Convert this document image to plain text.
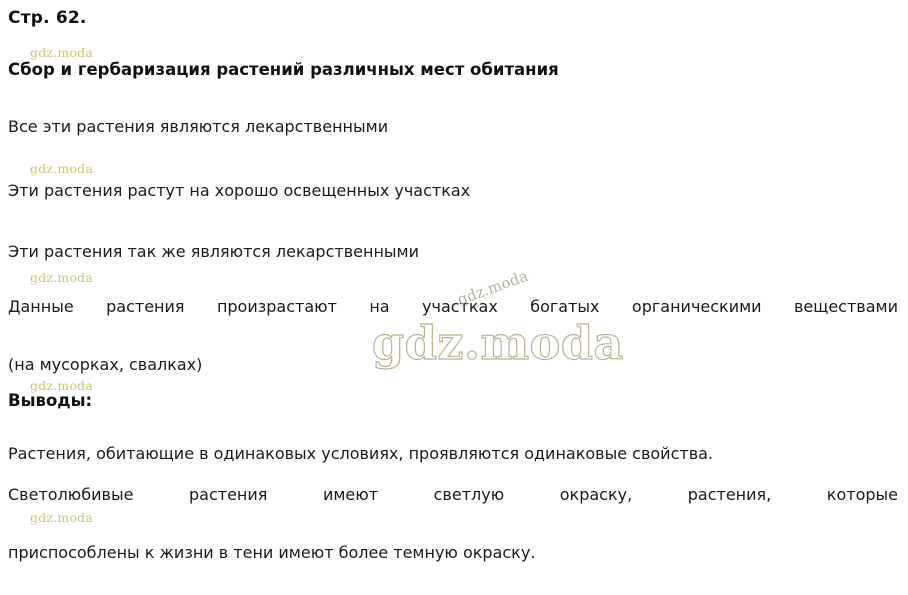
Стр. 62.
gdz.moda
Сбор и гербаризация растений различных мест обитания
Все эти растения являются лекарственными
gdz.moda
Эти растения растут на хорошо освещенных участках
Эти растения так же являются лекарственными
gdz.moda
Данные растения произрастают на участках богатых органическими веществами
(на мусорках, свалках)
gdz.moda
gdz.moda
gdz.moda
Выводы:
Растения, обитающие в одинаковых условиях, проявляются одинаковые свойства.
Светолюбивые растения имеют светлую окраску, растения, которые
приспособлены к жизни в тени имеют более темную окраску.
gdz.moda
